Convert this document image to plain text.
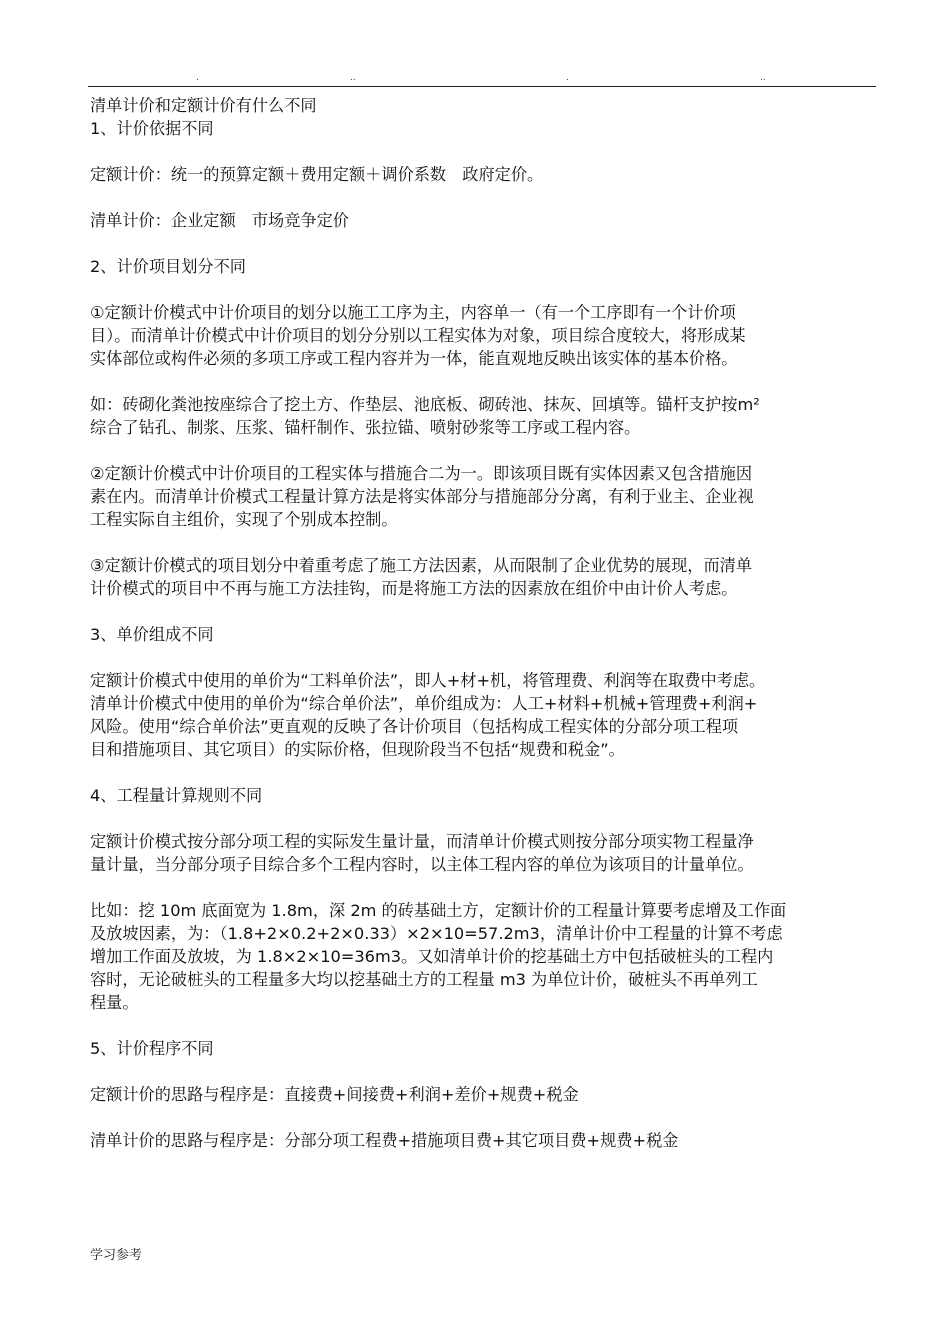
.	..	.	..
清单计价和定额计价有什么不同
1、计价依据不同
定额计价：统一的预算定额＋费用定额＋调价系数　政府定价。
清单计价：企业定额　市场竞争定价
2、计价项目划分不同
①定额计价模式中计价项目的划分以施工工序为主，内容单一（有一个工序即有一个计价项
目）。而清单计价模式中计价项目的划分分别以工程实体为对象，项目综合度较大，将形成某
实体部位或构件必须的多项工序或工程内容并为一体，能直观地反映出该实体的基本价格。
如：砖砌化粪池按座综合了挖土方、作垫层、池底板、砌砖池、抹灰、回填等。锚杆支护按m²
综合了钻孔、制浆、压浆、锚杆制作、张拉锚、喷射砂浆等工序或工程内容。
②定额计价模式中计价项目的工程实体与措施合二为一。即该项目既有实体因素又包含措施因
素在内。而清单计价模式工程量计算方法是将实体部分与措施部分分离，有利于业主、企业视
工程实际自主组价，实现了个别成本控制。
③定额计价模式的项目划分中着重考虑了施工方法因素，从而限制了企业优势的展现，而清单
计价模式的项目中不再与施工方法挂钩，而是将施工方法的因素放在组价中由计价人考虑。
3、单价组成不同
定额计价模式中使用的单价为“工料单价法”，即人+材+机，将管理费、利润等在取费中考虑。
清单计价模式中使用的单价为“综合单价法”，单价组成为：人工+材料+机械+管理费+利润+
风险。使用“综合单价法”更直观的反映了各计价项目（包括构成工程实体的分部分项工程项
目和措施项目、其它项目）的实际价格，但现阶段当不包括“规费和税金”。
4、工程量计算规则不同
定额计价模式按分部分项工程的实际发生量计量，而清单计价模式则按分部分项实物工程量净
量计量，当分部分项子目综合多个工程内容时，以主体工程内容的单位为该项目的计量单位。
比如：挖 10m 底面宽为 1.8m，深 2m 的砖基础土方，定额计价的工程量计算要考虑增及工作面
及放坡因素，为：（1.8+2×0.2+2×0.33）×2×10=57.2m3，清单计价中工程量的计算不考虑
增加工作面及放坡，为 1.8×2×10=36m3。又如清单计价的挖基础土方中包括破桩头的工程内
容时，无论破桩头的工程量多大均以挖基础土方的工程量 m3 为单位计价，破桩头不再单列工
程量。
5、计价程序不同
定额计价的思路与程序是：直接费+间接费+利润+差价+规费+税金
清单计价的思路与程序是：分部分项工程费+措施项目费+其它项目费+规费+税金
学习参考
